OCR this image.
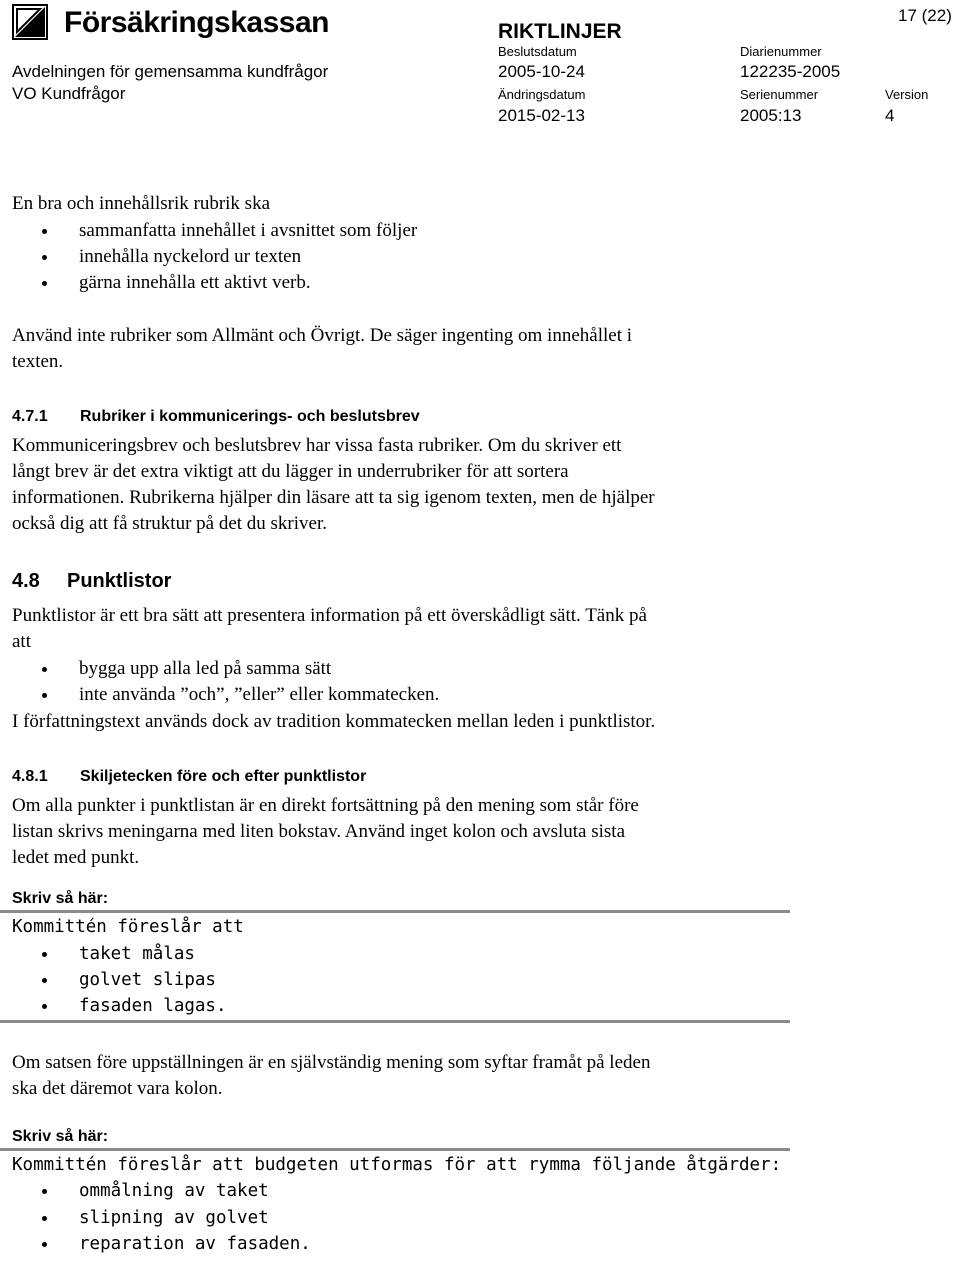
Försäkringskassan	RIKTLINJER
17 (22)
Avdelningen för gemensamma kundfrågor
VO Kundfrågor
Beslutsdatum
2005-10-24
Diarienummer
122235-2005
Ändringsdatum
2015-02-13
Serienummer
2005:13
Version
4
En bra och innehållsrik rubrik ska
sammanfatta innehållet i avsnittet som följer
innehålla nyckelord ur texten
gärna innehålla ett aktivt verb.
Använd inte rubriker som Allmänt och Övrigt. De säger ingenting om innehållet i
texten.
4.7.1 Rubriker i kommunicerings- och beslutsbrev
Kommuniceringsbrev och beslutsbrev har vissa fasta rubriker. Om du skriver ett
långt brev är det extra viktigt att du lägger in underrubriker för att sortera
informationen. Rubrikerna hjälper din läsare att ta sig igenom texten, men de hjälper
också dig att få struktur på det du skriver.
4.8 Punktlistor
Punktlistor är ett bra sätt att presentera information på ett överskådligt sätt. Tänk på
att
bygga upp alla led på samma sätt
inte använda ”och”, ”eller” eller kommatecken.
I författningstext används dock av tradition kommatecken mellan leden i punktlistor.
4.8.1 Skiljetecken före och efter punktlistor
Om alla punkter i punktlistan är en direkt fortsättning på den mening som står före
listan skrivs meningarna med liten bokstav. Använd inget kolon och avsluta sista
ledet med punkt.
Skriv så här:
Kommittén föreslår att
taket målas
golvet slipas
fasaden lagas.
Om satsen före uppställningen är en självständig mening som syftar framåt på leden
ska det däremot vara kolon.
Skriv så här:
Kommittén föreslår att budgeten utformas för att rymma följande åtgärder:
ommålning av taket
slipning av golvet
reparation av fasaden.
